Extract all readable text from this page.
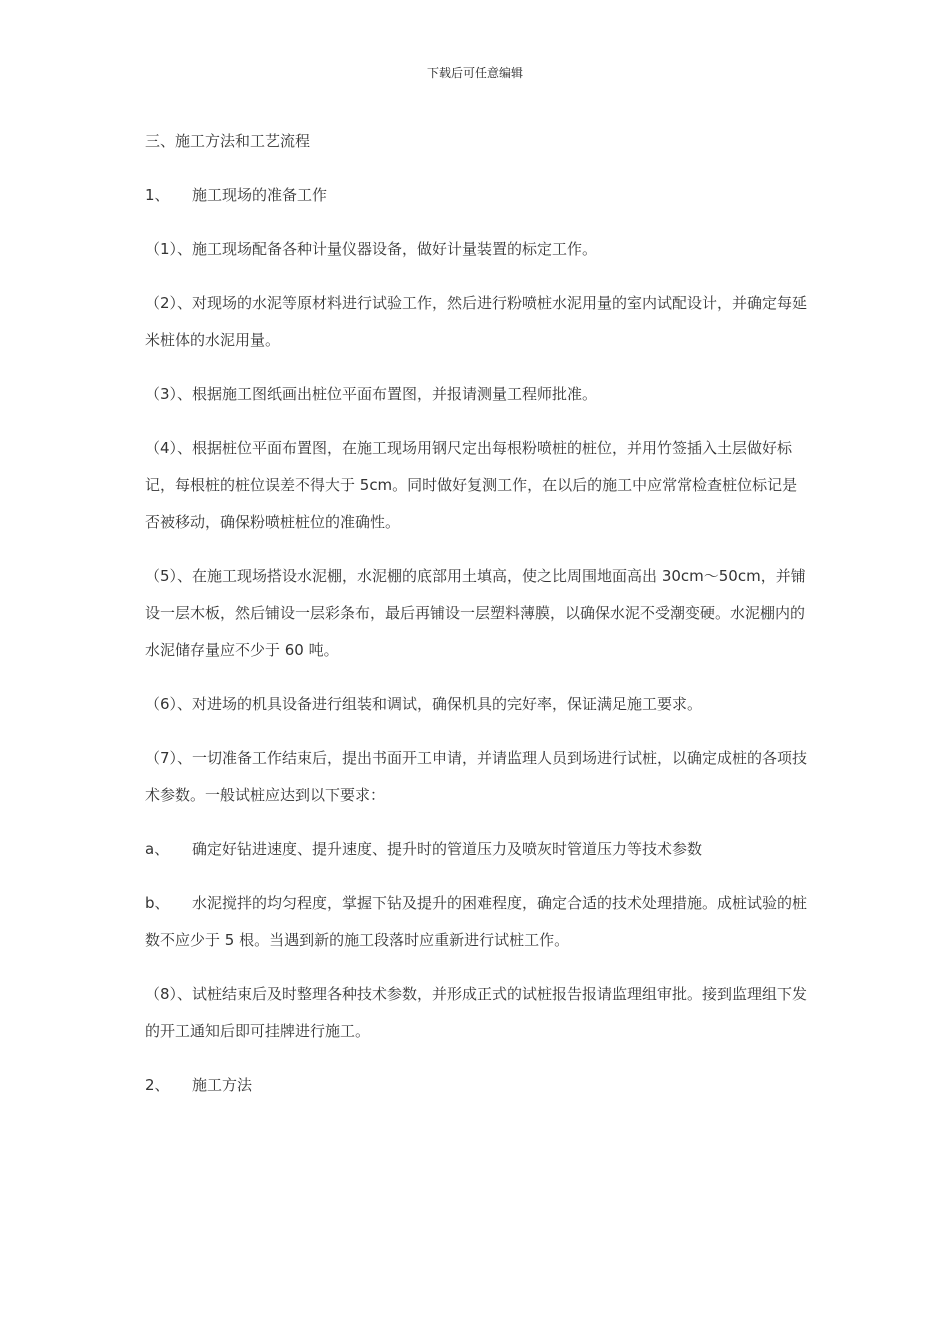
下载后可任意编辑

三、施工方法和工艺流程

1、	施工现场的准备工作

（1）、施工现场配备各种计量仪器设备，做好计量装置的标定工作。

（2）、对现场的水泥等原材料进行试验工作，然后进行粉喷桩水泥用量的室内试配设计，并确定每延米桩体的水泥用量。

（3）、根据施工图纸画出桩位平面布置图，并报请测量工程师批准。

（4）、根据桩位平面布置图，在施工现场用钢尺定出每根粉喷桩的桩位，并用竹签插入土层做好标记，每根桩的桩位误差不得大于 5cm。同时做好复测工作，在以后的施工中应常常检查桩位标记是否被移动，确保粉喷桩桩位的准确性。

（5）、在施工现场搭设水泥棚，水泥棚的底部用土填高，使之比周围地面高出 30cm～50cm，并铺设一层木板，然后铺设一层彩条布，最后再铺设一层塑料薄膜，以确保水泥不受潮变硬。水泥棚内的水泥储存量应不少于 60 吨。

（6）、对进场的机具设备进行组装和调试，确保机具的完好率，保证满足施工要求。

（7）、一切准备工作结束后，提出书面开工申请，并请监理人员到场进行试桩，以确定成桩的各项技术参数。一般试桩应达到以下要求：

a、	确定好钻进速度、提升速度、提升时的管道压力及喷灰时管道压力等技术参数

b、 水泥搅拌的均匀程度，掌握下钻及提升的困难程度，确定合适的技术处理措施。成桩试验的桩数不应少于 5 根。当遇到新的施工段落时应重新进行试桩工作。

（8）、试桩结束后及时整理各种技术参数，并形成正式的试桩报告报请监理组审批。接到监理组下发的开工通知后即可挂牌进行施工。

2、	施工方法
